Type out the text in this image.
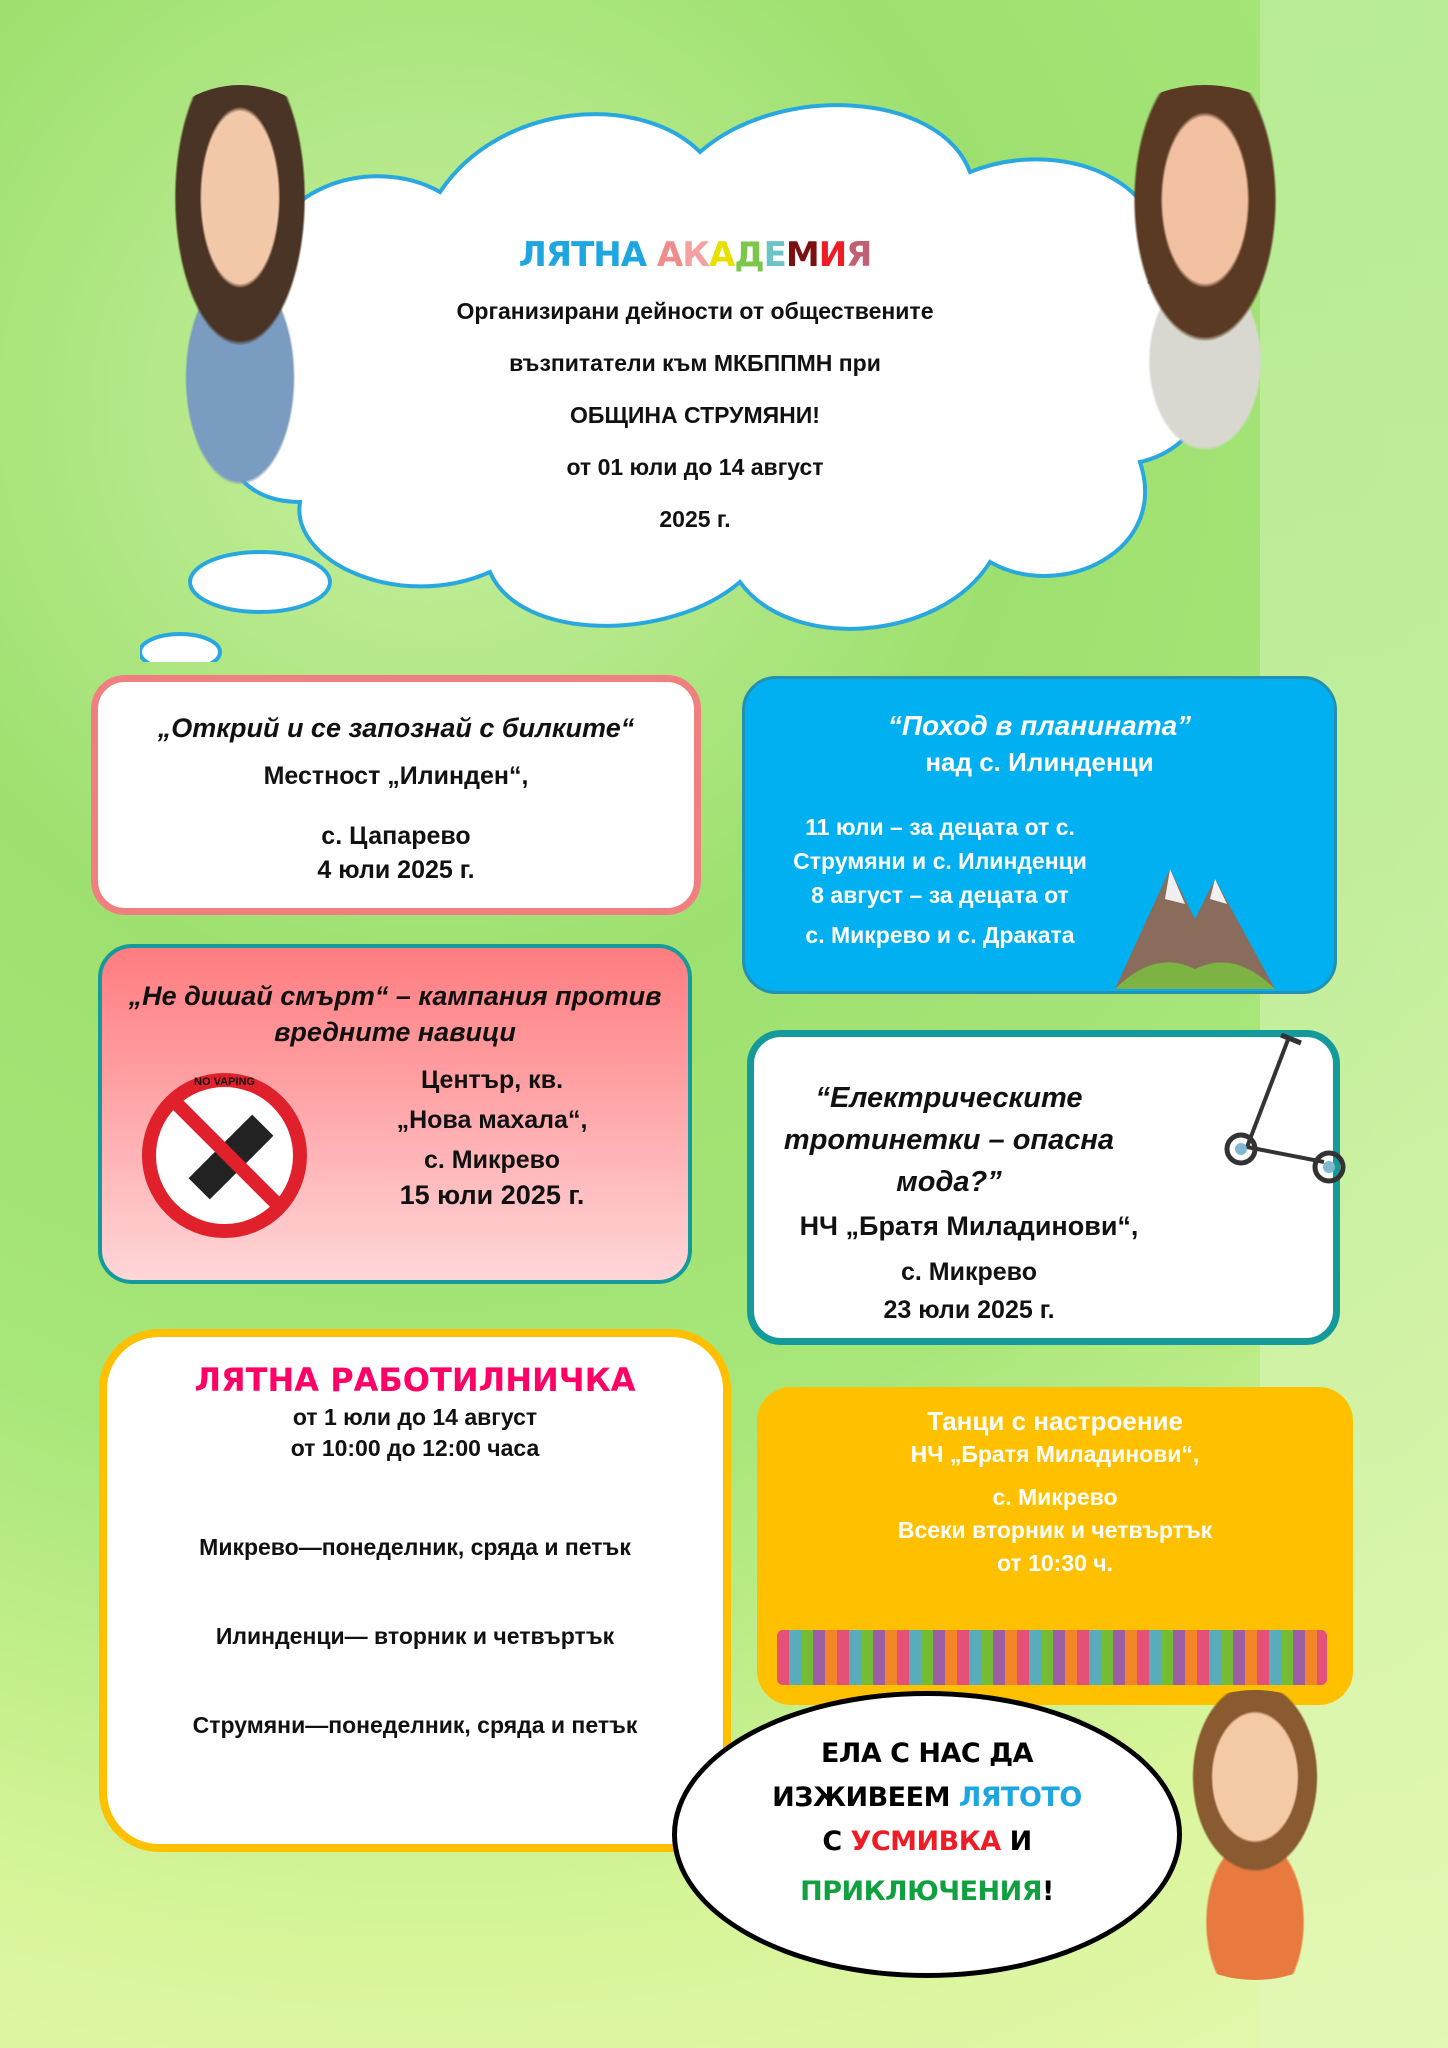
ЛЯТНА АКАДЕМИЯ
Организирани дейности от обществените
възпитатели към МКБППМН при
ОБЩИНА СТРУМЯНИ!
от 01 юли до 14 август
2025 г.
„Открий и се запознай с билките“
Местност „Илинден“,
с. Цапарево
4 юли 2025 г.
“Поход в планината”
над с. Илинденци
11 юли – за децата от с.
Струмяни и с. Илинденци
8 август – за децата от
с. Микрево и с. Драката
„Не дишай смърт“ – кампания против вредните навици
Център, кв.
„Нова махала“,
с. Микрево
15 юли 2025 г.
NO VAPING	“Електрическите тротинетки – опасна мода?”
НЧ „Братя Миладинови“,
с. Микрево
23 юли 2025 г.
ЛЯТНА РАБОТИЛНИЧКА
от 1 юли до 14 август
от 10:00 до 12:00 часа
Микрево—понеделник, сряда и петък
Илинденци— вторник и четвъртък
Струмяни—понеделник, сряда и петък
Танци с настроение
НЧ „Братя Миладинови“,
с. Микрево
Всеки вторник и четвъртък
от 10:30 ч.
ЕЛА С НАС ДА
ИЗЖИВЕЕМ ЛЯТОТО
С УСМИВКА И
ПРИКЛЮЧЕНИЯ!
